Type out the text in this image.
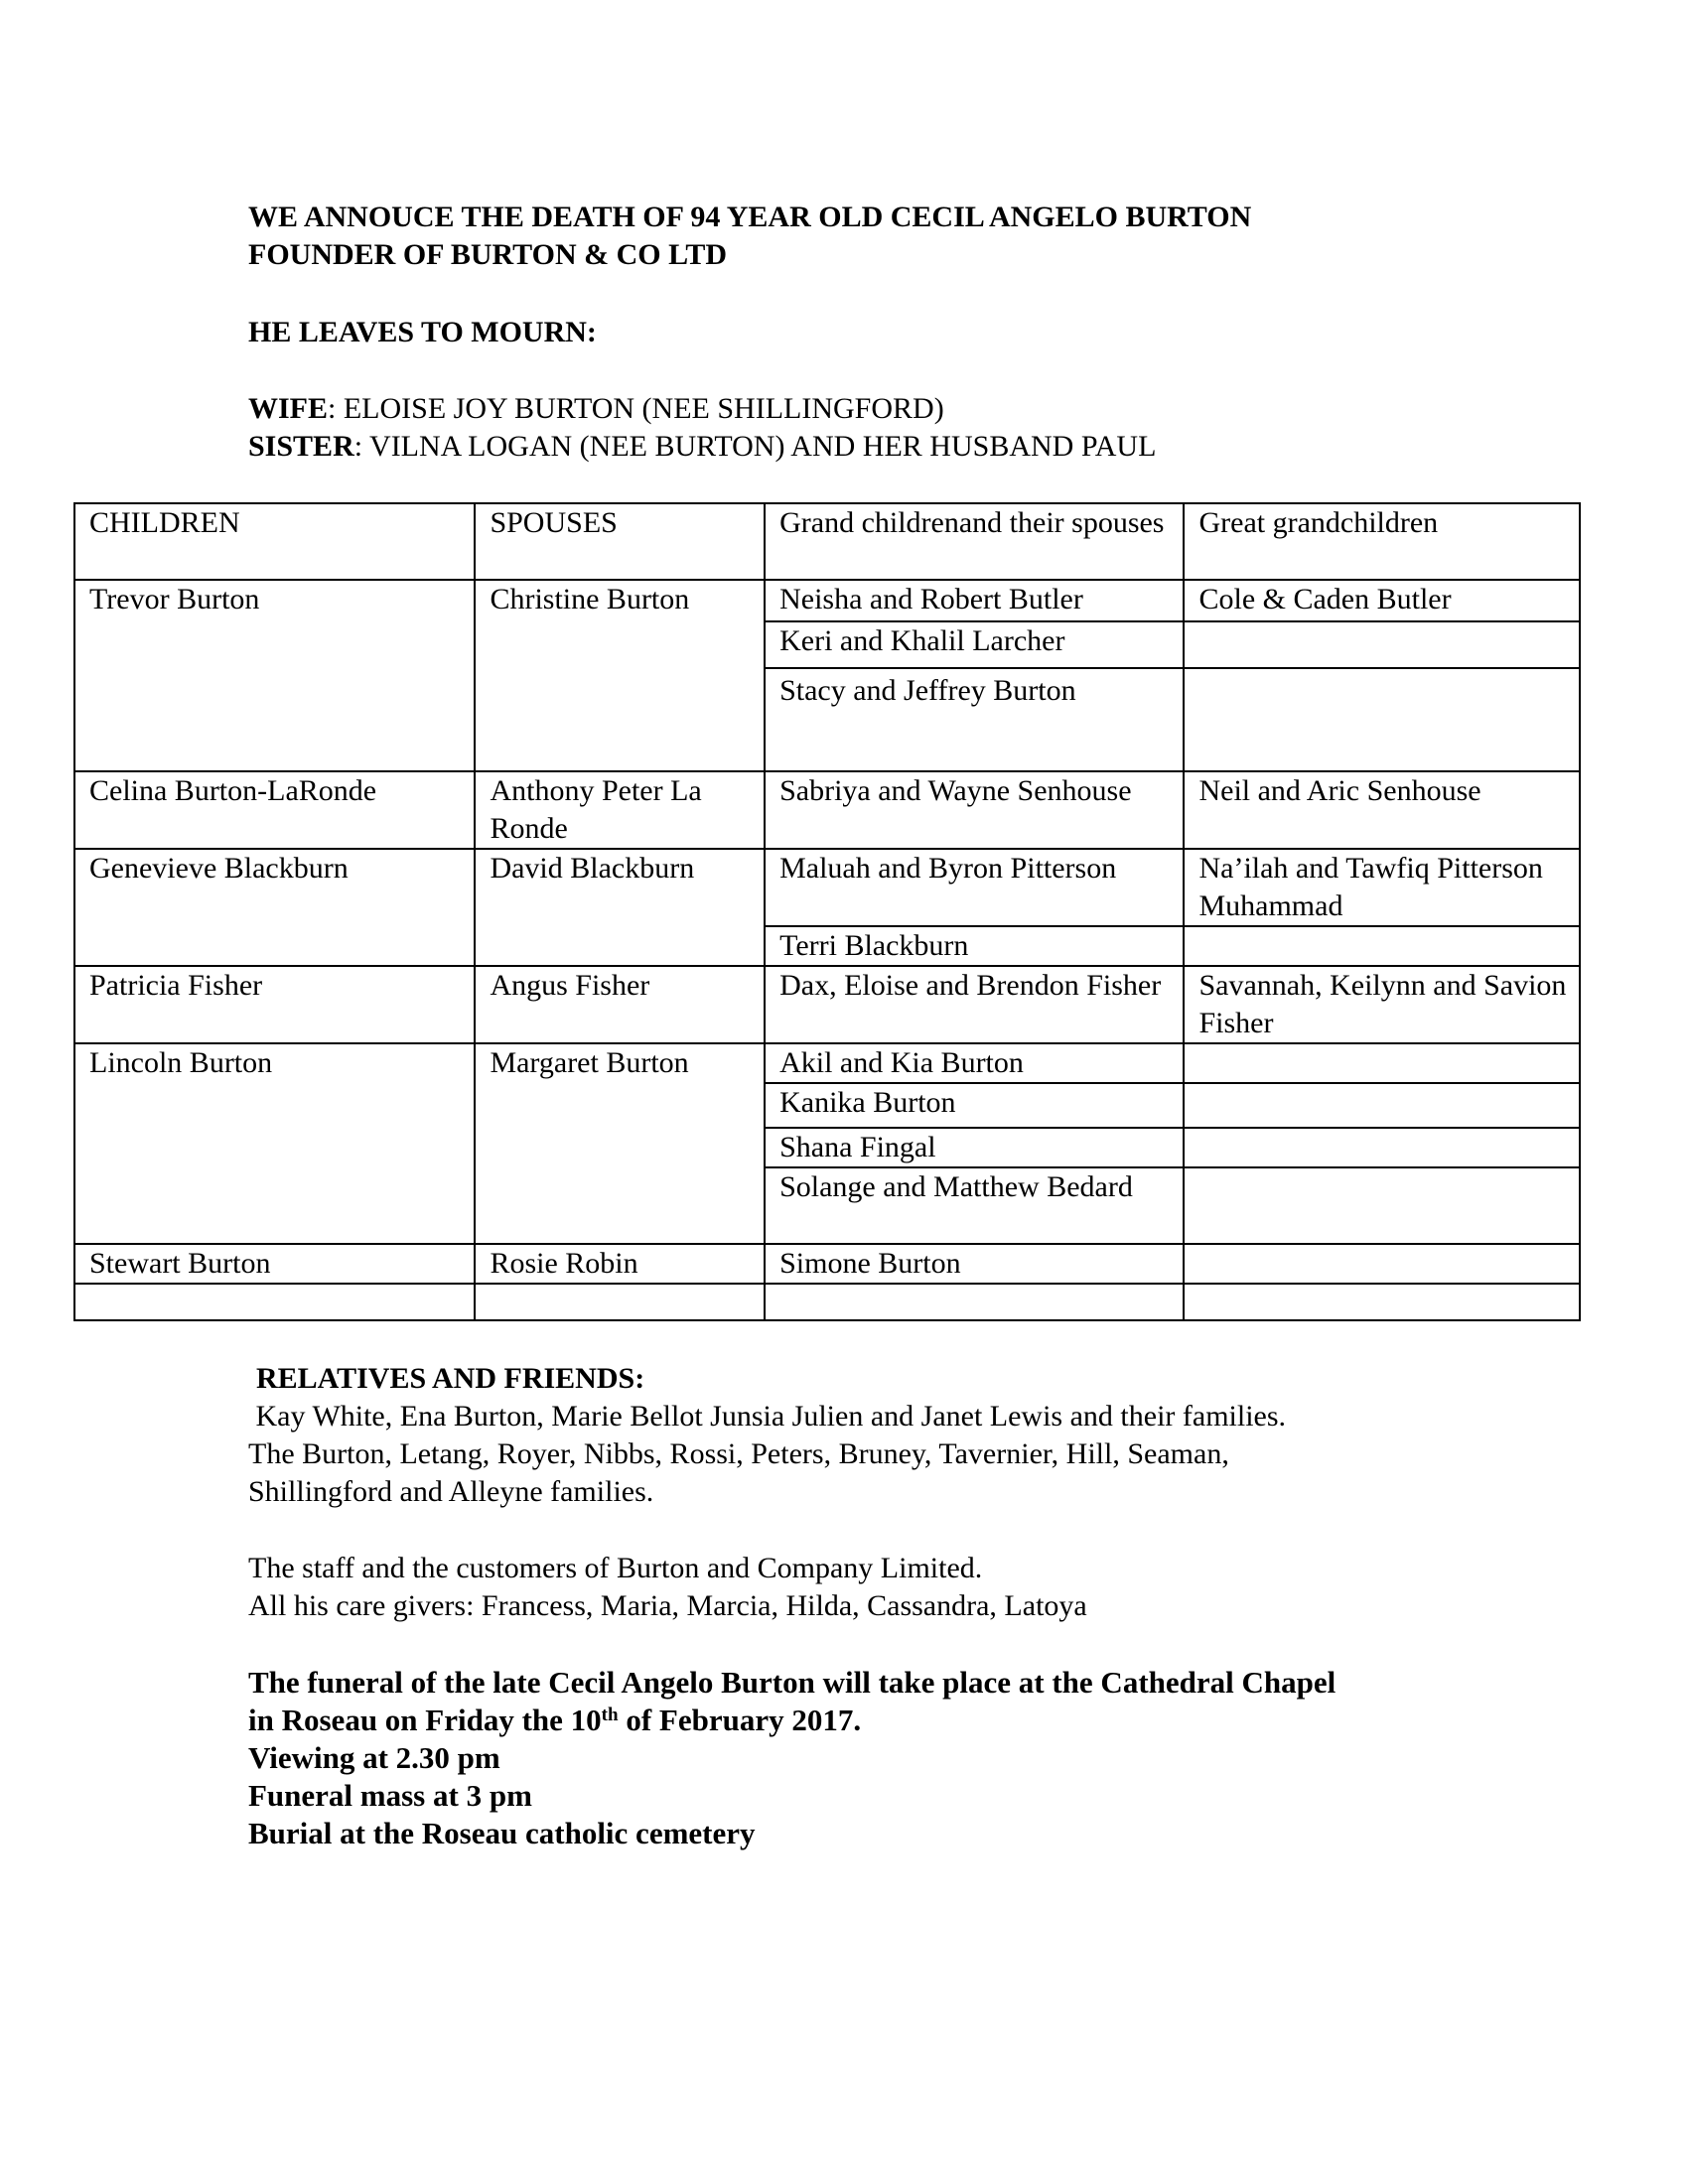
WE ANNOUCE THE DEATH OF 94 YEAR OLD CECIL ANGELO BURTON
FOUNDER OF BURTON & CO LTD
HE LEAVES TO MOURN:
WIFE: ELOISE JOY BURTON (NEE SHILLINGFORD)
SISTER: VILNA LOGAN (NEE BURTON) AND HER HUSBAND PAUL
CHILDREN	SPOUSES	Grand childrenand their spouses	Great grandchildren
Trevor Burton	Christine Burton	Neisha and Robert Butler	Cole & Caden Butler
		Keri and Khalil Larcher	
		Stacy and Jeffrey Burton	
Celina Burton-LaRonde	Anthony Peter La Ronde	Sabriya and Wayne Senhouse	Neil and Aric Senhouse
Genevieve Blackburn	David Blackburn	Maluah and Byron Pitterson	Na’ilah and Tawfiq Pitterson Muhammad
		Terri Blackburn	
Patricia Fisher	Angus Fisher	Dax, Eloise and Brendon Fisher	Savannah, Keilynn and Savion Fisher
Lincoln Burton	Margaret Burton	Akil and Kia Burton	
		Kanika Burton	
		Shana Fingal	
		Solange and Matthew Bedard	
Stewart Burton	Rosie Robin	Simone Burton	

RELATIVES AND FRIENDS:
Kay White, Ena Burton, Marie Bellot Junsia Julien and Janet Lewis and their families.
The Burton, Letang, Royer, Nibbs, Rossi, Peters, Bruney, Tavernier, Hill, Seaman,
Shillingford and Alleyne families.
The staff and the customers of Burton and Company Limited.
All his care givers: Francess, Maria, Marcia, Hilda, Cassandra, Latoya
The funeral of the late Cecil Angelo Burton will take place at the Cathedral Chapel
in Roseau on Friday the 10th of February 2017.
Viewing at 2.30 pm
Funeral mass at 3 pm
Burial at the Roseau catholic cemetery
